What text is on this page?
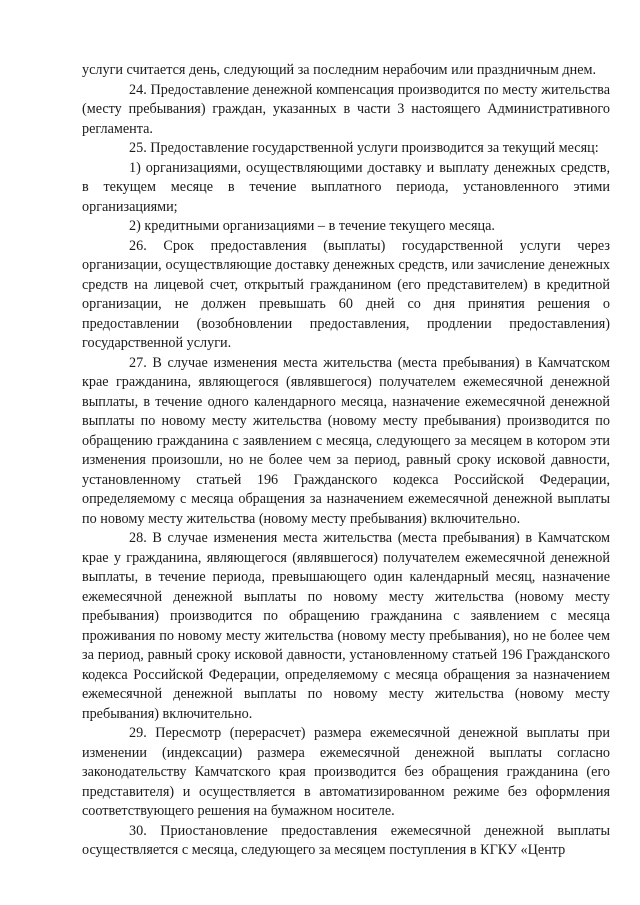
услуги считается день, следующий за последним нерабочим или праздничным днем.

24. Предоставление денежной компенсация производится по месту жительства (месту пребывания) граждан, указанных в части 3 настоящего Административного регламента.

25. Предоставление государственной услуги производится за текущий месяц:

1) организациями, осуществляющими доставку и выплату денежных средств, в текущем месяце в течение выплатного периода, установленного этими организациями;

2) кредитными организациями – в течение текущего месяца.

26. Срок предоставления (выплаты) государственной услуги через организации, осуществляющие доставку денежных средств, или зачисление денежных средств на лицевой счет, открытый гражданином (его представителем) в кредитной организации, не должен превышать 60 дней со дня принятия решения о предоставлении (возобновлении предоставления, продлении предоставления) государственной услуги.

27. В случае изменения места жительства (места пребывания) в Камчатском крае гражданина, являющегося (являвшегося) получателем ежемесячной денежной выплаты, в течение одного календарного месяца, назначение ежемесячной денежной выплаты по новому месту жительства (новому месту пребывания) производится по обращению гражданина с заявлением с месяца, следующего за месяцем в котором эти изменения произошли, но не более чем за период, равный сроку исковой давности, установленному статьей 196 Гражданского кодекса Российской Федерации, определяемому с месяца обращения за назначением ежемесячной денежной выплаты по новому месту жительства (новому месту пребывания) включительно.

28. В случае изменения места жительства (места пребывания) в Камчатском крае у гражданина, являющегося (являвшегося) получателем ежемесячной денежной выплаты, в течение периода, превышающего один календарный месяц, назначение ежемесячной денежной выплаты по новому месту жительства (новому месту пребывания) производится по обращению гражданина с заявлением с месяца проживания по новому месту жительства (новому месту пребывания), но не более чем за период, равный сроку исковой давности, установленному статьей 196 Гражданского кодекса Российской Федерации, определяемому с месяца обращения за назначением ежемесячной денежной выплаты по новому месту жительства (новому месту пребывания) включительно.

29. Пересмотр (перерасчет) размера ежемесячной денежной выплаты при изменении (индексации) размера ежемесячной денежной выплаты согласно законодательству Камчатского края производится без обращения гражданина (его представителя) и осуществляется в автоматизированном режиме без оформления соответствующего решения на бумажном носителе.

30. Приостановление предоставления ежемесячной денежной выплаты осуществляется с месяца, следующего за месяцем поступления в КГКУ «Центр
